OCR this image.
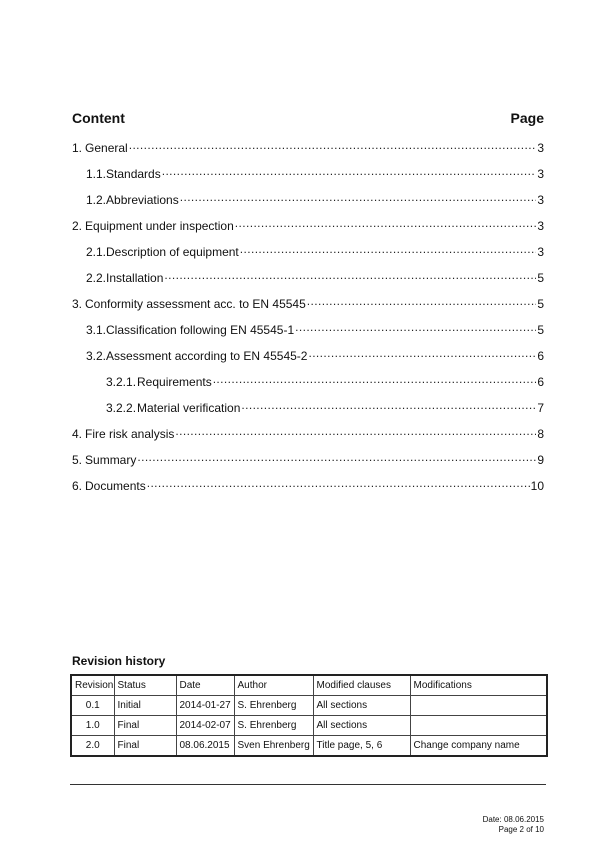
Content	Page
1. General .....	3
1.1. Standards .....	3
1.2. Abbreviations .....	3
2. Equipment under inspection .....	3
2.1. Description of equipment .....	3
2.2. Installation .....	5
3. Conformity assessment acc. to EN 45545 .....	5
3.1. Classification following EN 45545-1 .....	5
3.2. Assessment according to EN 45545-2 .....	6
3.2.1. Requirements .....	6
3.2.2. Material verification .....	7
4. Fire risk analysis .....	8
5. Summary .....	9
6. Documents .....	10
Revision history
Revision	Status	Date	Author	Modified clauses	Modifications
0.1	Initial	2014-01-27	S. Ehrenberg	All sections	
1.0	Final	2014-02-07	S. Ehrenberg	All sections	
2.0	Final	08.06.2015	Sven Ehrenberg	Title page, 5, 6	Change company name
Date: 08.06.2015
Page 2 of 10
